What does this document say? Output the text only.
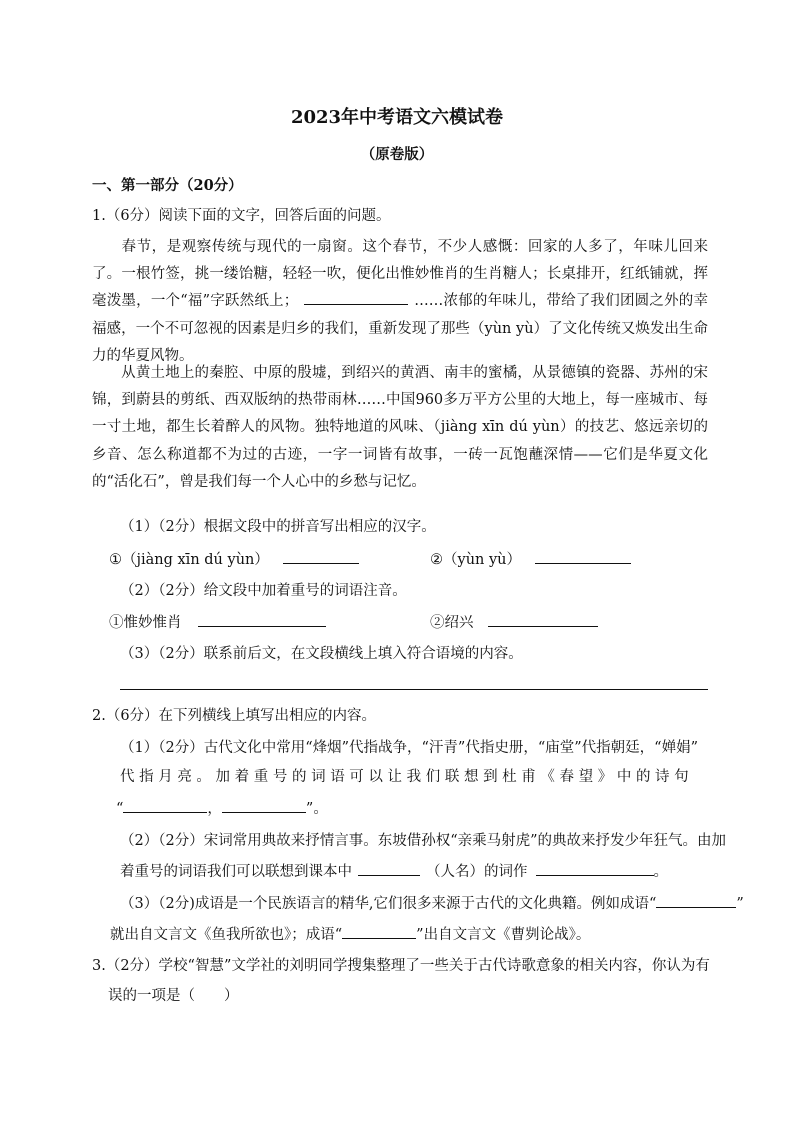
2023年中考语文六模试卷
（原卷版）
一、第一部分（20分）
1.（6分）阅读下面的文字，回答后面的问题。
春节，是观察传统与现代的一扇窗。这个春节，不少人感慨：回家的人多了，年味儿回来了。一根竹签，挑一缕饴糖，轻轻一吹，便化出惟妙惟肖的生肖糖人；长桌排开，红纸铺就，挥毫泼墨，一个“福”字跃然纸上；	……浓郁的年味儿，带给了我们团圆之外的幸福感，一个不可忽视的因素是归乡的我们，重新发现了那些（yùn yù）了文化传统又焕发出生命力的华夏风物。
从黄土地上的秦腔、中原的殷墟，到绍兴的黄酒、南丰的蜜橘，从景德镇的瓷器、苏州的宋锦，到蔚县的剪纸、西双版纳的热带雨林……中国960多万平方公里的大地上，每一座城市、每一寸土地，都生长着醉人的风物。独特地道的风味、（jiàng xīn dú yùn）的技艺、悠远亲切的乡音、怎么称道都不为过的古迹，一字一词皆有故事，一砖一瓦饱蘸深情——它们是华夏文化的“活化石”，曾是我们每一个人心中的乡愁与记忆。
（1）（2分）根据文段中的拼音写出相应的汉字。
①（jiàng xīn dú yùn）	②（yùn yù）
（2）（2分）给文段中加着重号的词语注音。
①惟妙惟肖	②绍兴
（3）（2分）联系前后文，在文段横线上填入符合语境的内容。
2.（6分）在下列横线上填写出相应的内容。
（1）（2分）古代文化中常用“烽烟”代指战争，“汗青”代指史册，“庙堂”代指朝廷，“婵娟”
代 指 月 亮 。 加 着 重 号 的 词 语 可 以 让 我 们 联 想 到 杜 甫 《 春 望 》 中 的 诗 句
“	，	”。
（2）（2分）宋词常用典故来抒情言事。东坡借孙权“亲乘马射虎”的典故来抒发少年狂气。由加
着重号的词语我们可以联想到课本中	（人名）的词作	。
（3）（2分)成语是一个民族语言的精华,它们很多来源于古代的文化典籍。例如成语“	”
就出自文言文《鱼我所欲也》；成语“	”出自文言文《曹刿论战》。
3.（2分）学校“智慧”文学社的刘明同学搜集整理了一些关于古代诗歌意象的相关内容，你认为有
误的一项是（　　）
